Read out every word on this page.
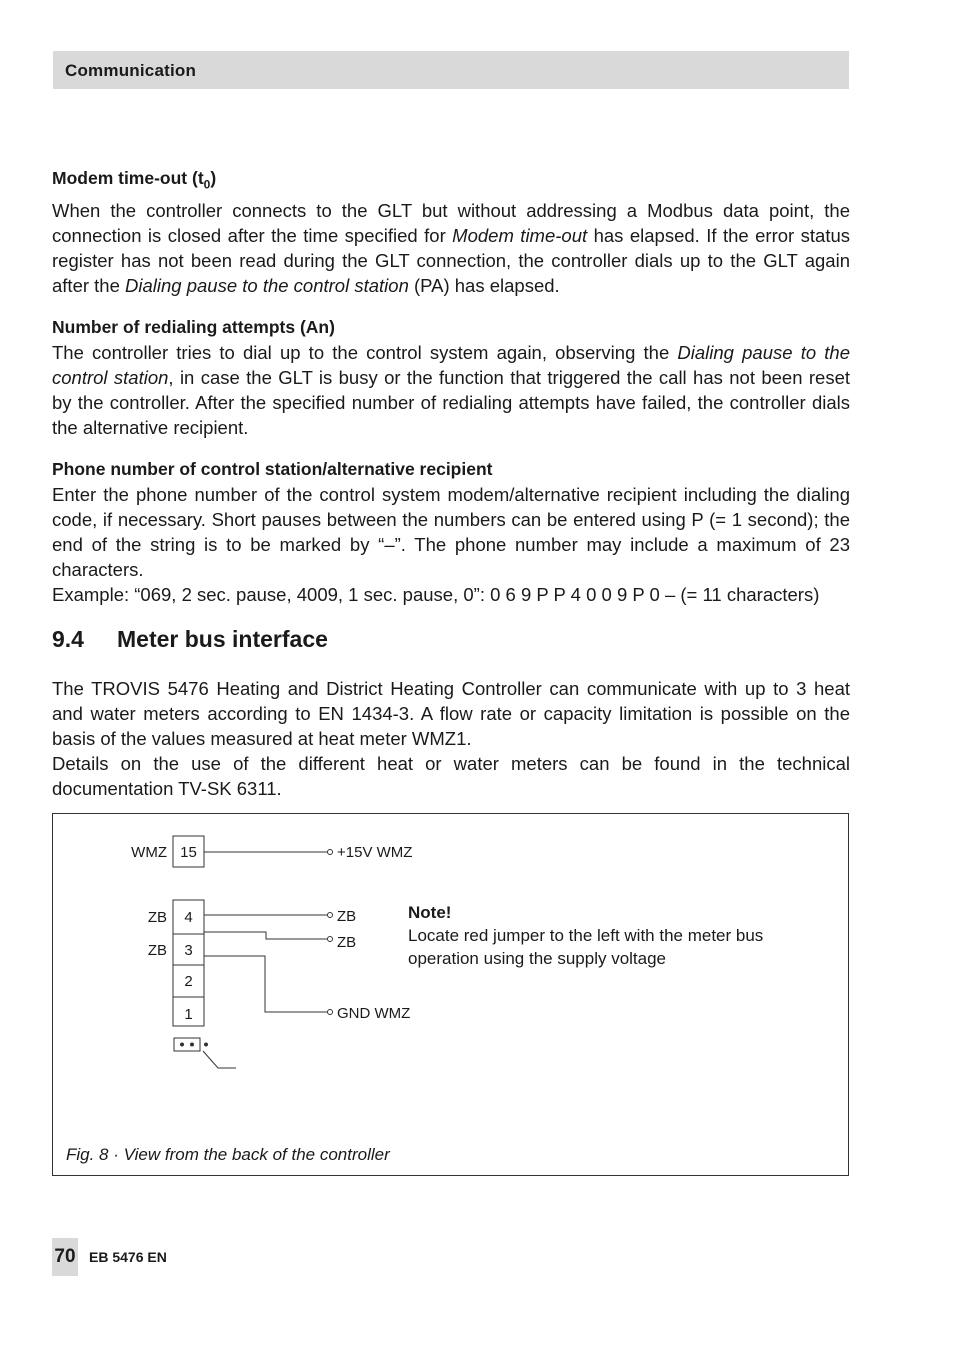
Communication

Modem time-out $(t_0)$

When the controller connects to the GLT but without addressing a Modbus data point, the connection is closed after the time specified for Modem time-out has elapsed. If the error status register has not been read during the GLT connection, the controller dials up to the GLT again after the Dialing pause to the control station (PA) has elapsed.

Number of redialing attempts (An)

The controller tries to dial up to the control system again, observing the Dialing pause to the control station, in case the GLT is busy or the function that triggered the call has not been reset by the controller. After the specified number of redialing attempts have failed, the controller dials the alternative recipient.

Phone number of control station/alternative recipient

Enter the phone number of the control system modem/alternative recipient including the dialing code, if necessary. Short pauses between the numbers can be entered using P (= 1 second); the end of the string is to be marked by “–”. The phone number may include a maximum of 23 characters.

Example: “069, 2 sec. pause, 4009, 1 sec. pause, 0”: 0 6 9 P P 4 0 0 9 P 0 – (= 11 characters)

9.4 Meter bus interface

The TROVIS 5476 Heating and District Heating Controller can communicate with up to 3 heat and water meters according to EN 1434-3. A flow rate or capacity limitation is possible on the basis of the values measured at heat meter WMZ1.

Details on the use of the different heat or water meters can be found in the technical documentation TV-SK 6311.

15
WMZ	+15V WMZ
4
3
2
1
ZB
ZB
ZB
ZB
GND WMZ
Note!
Locate red jumper to the left with the meter bus operation using the supply voltage
Fig. 8 · View from the back of the controller
70 EB 5476 EN
